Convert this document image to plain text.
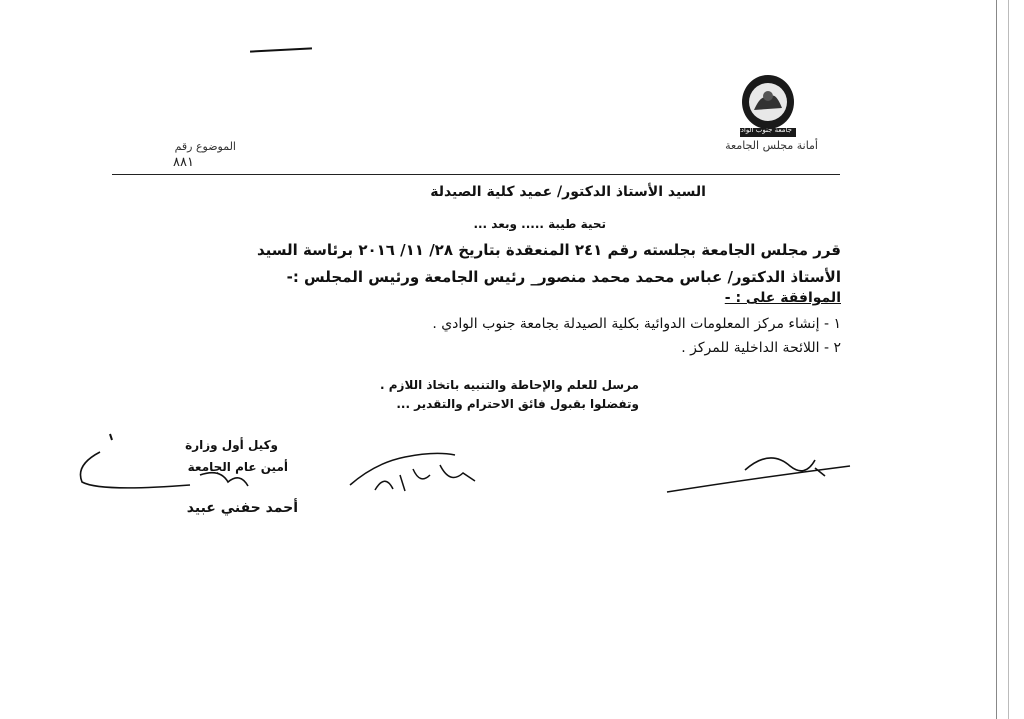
جامعة جنوب الوادي
أمانة مجلس الجامعة
الموضوع رقم
٨٨١
السيد الأستاذ الدكتور/ عميد كلية الصيدلة
تحية طيبة ..... وبعد ...
قرر مجلس الجامعة بجلسته رقم ٢٤١ المنعقدة بتاريخ ٢٨/ ١١/ ٢٠١٦ برئاسة السيد
الأستاذ الدكتور/ عباس محمد محمد منصور_ رئيس الجامعة ورئيس المجلس :-
الموافقة على : -
١ - إنشاء مركز المعلومات الدوائية بكلية الصيدلة بجامعة جنوب الوادي .
٢ - اللائحة الداخلية للمركز .
مرسل للعلم والإحاطة والتنبيه باتخاذ اللازم .
وتفضلوا بقبول فائق الاحترام والتقدير ...
وكيل أول وزارة
أمين عام الجامعة
أحمد حفني عبيد
